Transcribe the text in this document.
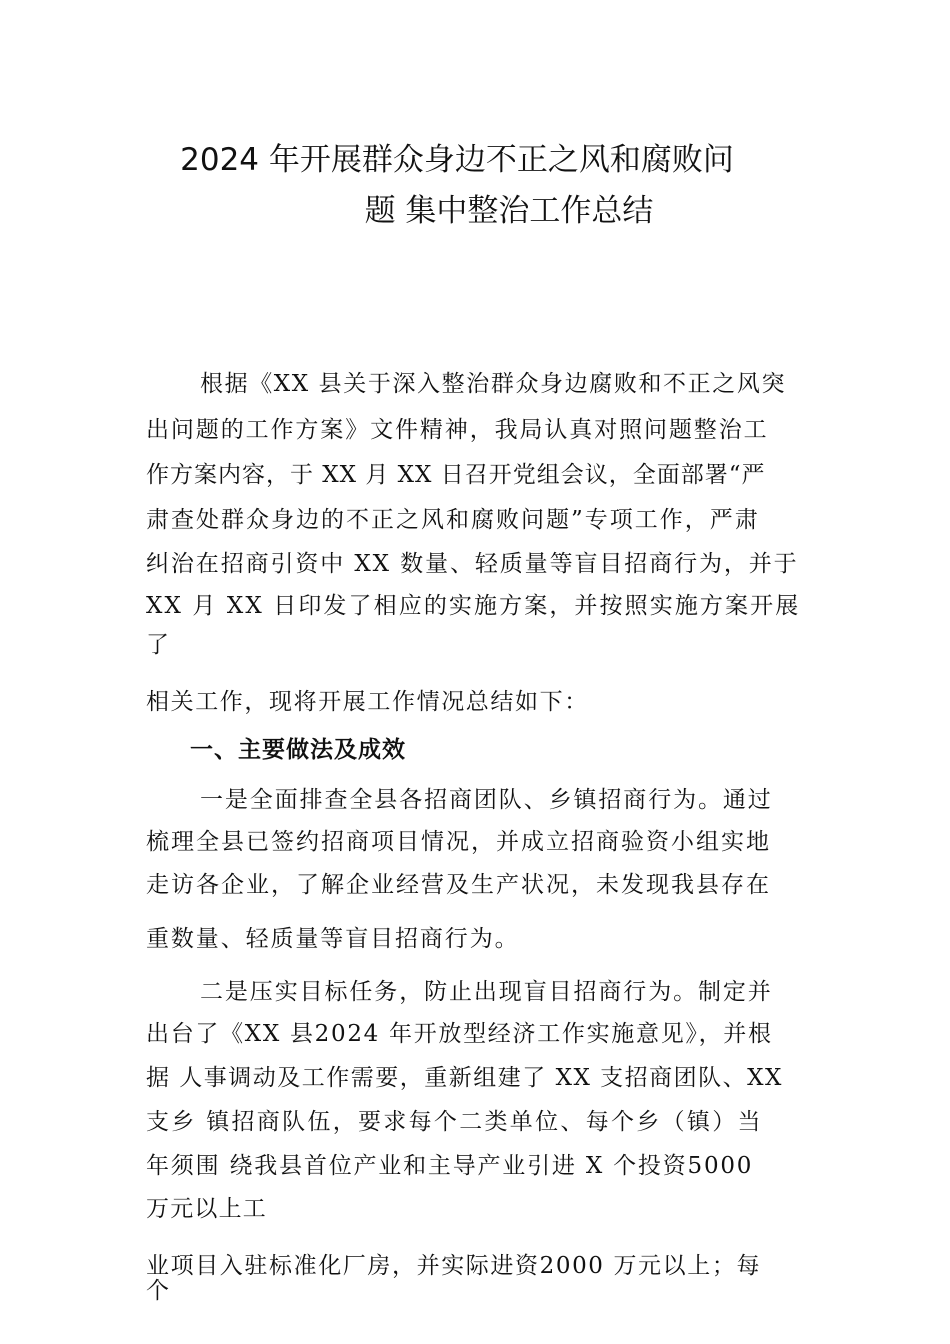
2024 年开展群众身边不正之风和腐败问
题 集中整治工作总结
根据《XX 县关于深入整治群众身边腐败和不正之风突
出问题的工作方案》文件精神，我局认真对照问题整治工
作方案内容，于 XX 月 XX 日召开党组会议，全面部署“严
肃查处群众身边的不正之风和腐败问题”专项工作，严肃
纠治在招商引资中 XX 数量、轻质量等盲目招商行为，并于
XX 月 XX 日印发了相应的实施方案，并按照实施方案开展
了
相关工作，现将开展工作情况总结如下：
一、主要做法及成效
一是全面排查全县各招商团队、乡镇招商行为。通过
梳理全县已签约招商项目情况，并成立招商验资小组实地
走访各企业，了解企业经营及生产状况，未发现我县存在
重数量、轻质量等盲目招商行为。
二是压实目标任务，防止出现盲目招商行为。制定并
出台了《XX 县2024 年开放型经济工作实施意见》，并根
据 人事调动及工作需要，重新组建了 XX 支招商团队、XX
支乡 镇招商队伍，要求每个二类单位、每个乡（镇）当
年须围 绕我县首位产业和主导产业引进 X 个投资5000
万元以上工
业项目入驻标准化厂房，并实际进资2000 万元以上；每
个
